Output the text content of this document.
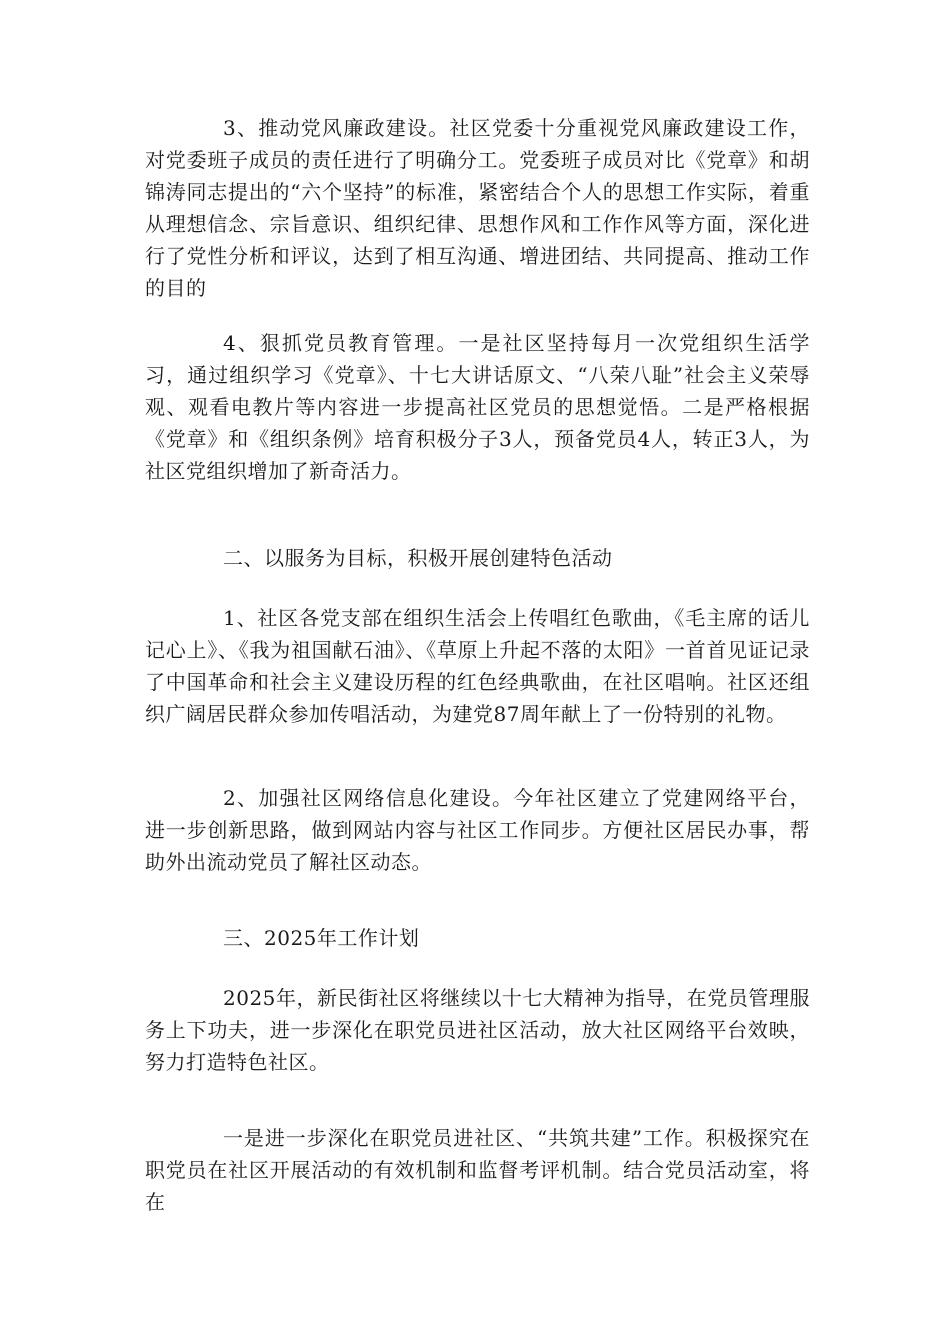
3、推动党风廉政建设。社区党委十分重视党风廉政建设工作，对党委班子成员的责任进行了明确分工。党委班子成员对比《党章》和胡锦涛同志提出的“六个坚持”的标准，紧密结合个人的思想工作实际，着重从理想信念、宗旨意识、组织纪律、思想作风和工作作风等方面，深化进行了党性分析和评议，达到了相互沟通、增进团结、共同提高、推动工作的目的

4、狠抓党员教育管理。一是社区坚持每月一次党组织生活学习，通过组织学习《党章》、十七大讲话原文、“八荣八耻”社会主义荣辱观、观看电教片等内容进一步提高社区党员的思想觉悟。二是严格根据《党章》和《组织条例》培育积极分子3人，预备党员4人，转正3人，为社区党组织增加了新奇活力。

二、以服务为目标，积极开展创建特色活动

1、社区各党支部在组织生活会上传唱红色歌曲，《毛主席的话儿记心上》、《我为祖国献石油》、《草原上升起不落的太阳》一首首见证记录了中国革命和社会主义建设历程的红色经典歌曲，在社区唱响。社区还组织广阔居民群众参加传唱活动，为建党87周年献上了一份特别的礼物。

2、加强社区网络信息化建设。今年社区建立了党建网络平台，进一步创新思路，做到网站内容与社区工作同步。方便社区居民办事，帮助外出流动党员了解社区动态。

三、2025年工作计划

2025年，新民街社区将继续以十七大精神为指导，在党员管理服务上下功夫，进一步深化在职党员进社区活动，放大社区网络平台效映，努力打造特色社区。

一是进一步深化在职党员进社区、“共筑共建”工作。积极探究在职党员在社区开展活动的有效机制和监督考评机制。结合党员活动室，将在
